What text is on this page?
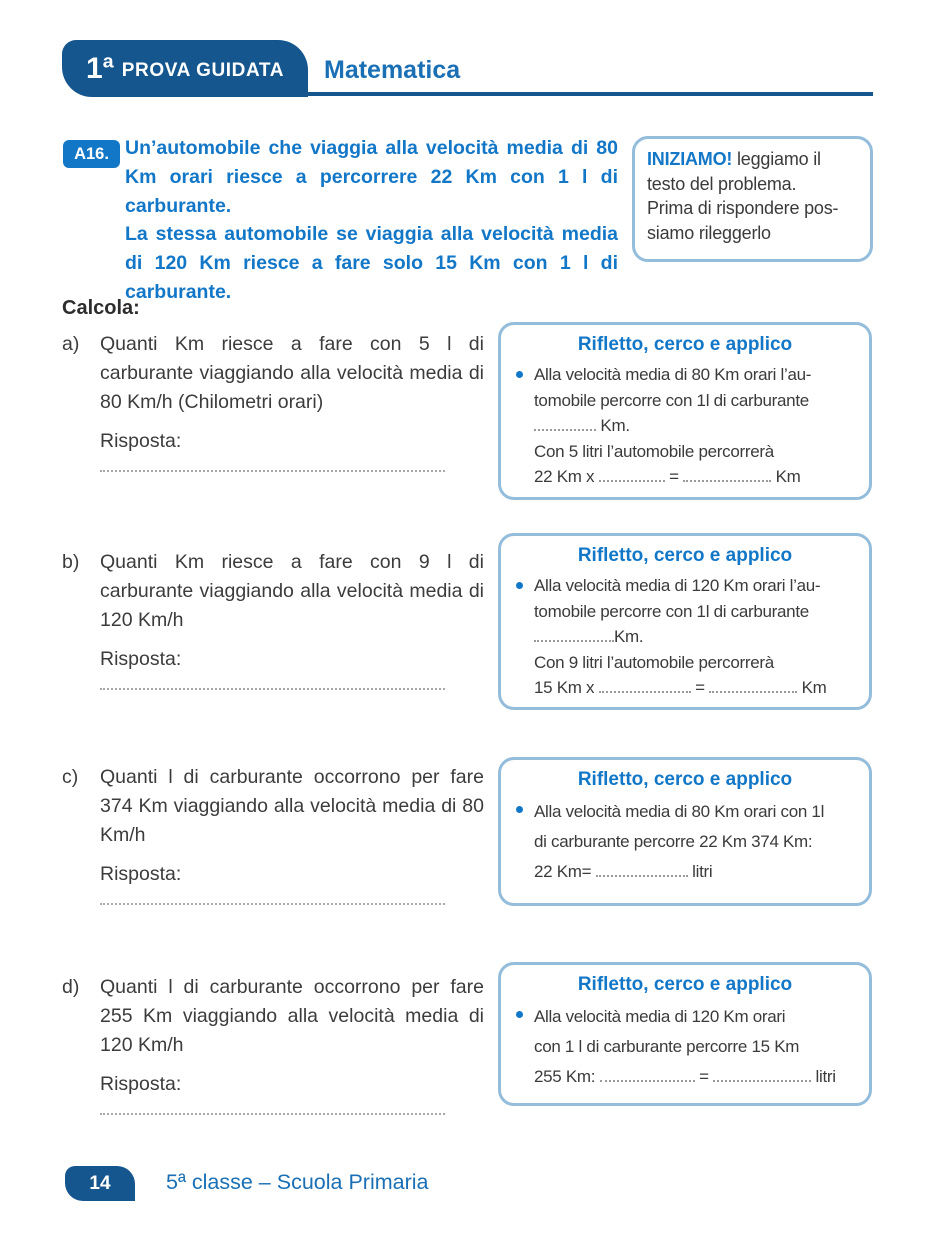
1ª PROVA GUIDATA Matematica
A16. Un’automobile che viaggia alla velocità media di 80 Km orari riesce a percorrere 22 Km con 1 l di carburante.
La stessa automobile se viaggia alla velocità media di 120 Km riesce a fare solo 15 Km con 1 l di carburante.
INIZIAMO! leggiamo il testo del problema.
Prima di rispondere possiamo rileggerlo
Calcola:
a)	Quanti Km riesce a fare con 5 l di carburante viaggiando alla velocità media di 80 Km/h (Chilometri orari)
Risposta:
b)	Quanti Km riesce a fare con 9 l di carburante viaggiando alla velocità media di 120 Km/h
Risposta:
c)	Quanti l di carburante occorrono per fare 374 Km viaggiando alla velocità media di 80 Km/h
Risposta:
d)	Quanti l di carburante occorrono per fare 255 Km viaggiando alla velocità media di 120 Km/h
Risposta:
Rifletto, cerco e applico
Alla velocità media di 80 Km orari l’au-
tomobile percorre con 1l di carburante
Km.
Con 5 litri l’automobile percorrerà
22 Km x	=	Km
Rifletto, cerco e applico
Alla velocità media di 120 Km orari l’au-
tomobile percorre con 1l di carburante
Km.
Con 9 litri l’automobile percorrerà
15 Km x	=	Km
Rifletto, cerco e applico
Alla velocità media di 80 Km orari con 1l
di carburante percorre 22 Km 374 Km:
22 Km=	litri
Rifletto, cerco e applico
Alla velocità media di 120 Km orari
con 1 l di carburante percorre 15 Km
255 Km:	=	litri
14	5ª classe – Scuola Primaria
